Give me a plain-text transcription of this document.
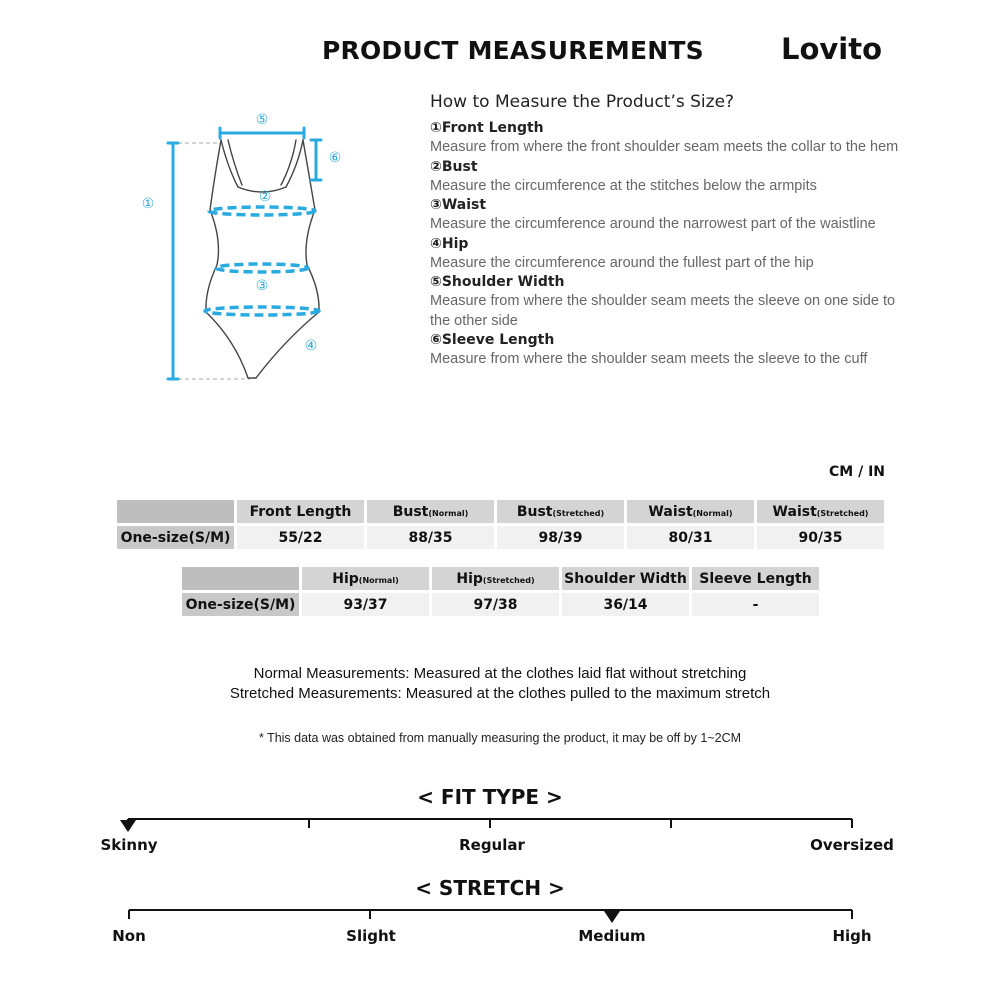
PRODUCT MEASUREMENTS	Lovito
①	②
③
④
⑤
⑥
How to Measure the Product’s Size?
①Front Length
Measure from where the front shoulder seam meets the collar to the hem
②Bust
Measure the circumference at the stitches below the armpits
③Waist
Measure the circumference around the narrowest part of the waistline
④Hip
Measure the circumference around the fullest part of the hip
⑤Shoulder Width
Measure from where the shoulder seam meets the sleeve on one side to the other side
⑥Sleeve Length
Measure from where the shoulder seam meets the sleeve to the cuff
CM / IN
	Front Length	Bust(Normal)	Bust(Stretched)	Waist(Normal)	Waist(Stretched)
One-size(S/M)	55/22	88/35	98/39	80/31	90/35
	Hip(Normal)	Hip(Stretched)	Shoulder Width	Sleeve Length
One-size(S/M)	93/37	97/38	36/14	-
Normal Measurements: Measured at the clothes laid flat without stretching
Stretched Measurements: Measured at the clothes pulled to the maximum stretch
* This data was obtained from manually measuring the product, it may be off by 1~2CM
< FIT TYPE >
Skinny	Regular	Oversized
< STRETCH >
Non	Slight	Medium	High
